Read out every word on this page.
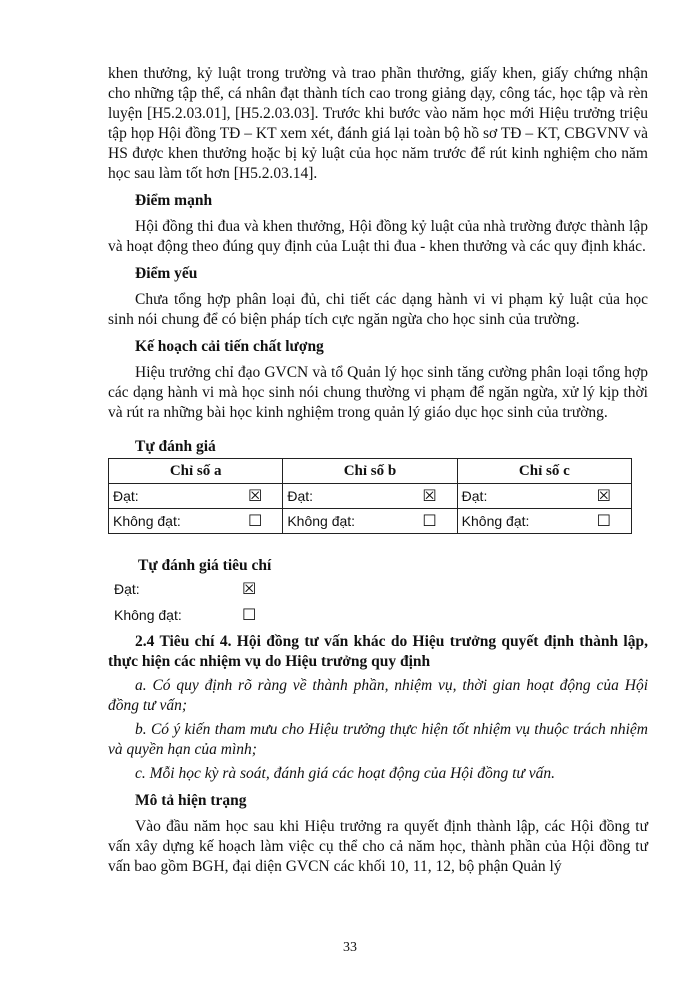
khen thưởng, kỷ luật trong trường và trao phần thưởng, giấy khen, giấy chứng nhận cho những tập thể, cá nhân đạt thành tích cao trong giảng dạy, công tác, học tập và rèn luyện [H5.2.03.01], [H5.2.03.03]. Trước khi bước vào năm học mới Hiệu trưởng triệu tập họp Hội đồng TĐ – KT xem xét, đánh giá lại toàn bộ hồ sơ TĐ – KT, CBGVNV và HS được khen thưởng hoặc bị kỷ luật của học năm trước để rút kinh nghiệm cho năm học sau làm tốt hơn [H5.2.03.14].

Điểm mạnh

Hội đồng thi đua và khen thưởng, Hội đồng kỷ luật của nhà trường được thành lập và hoạt động theo đúng quy định của Luật thi đua - khen thưởng và các quy định khác.

Điểm yếu

Chưa tổng hợp phân loại đủ, chi tiết các dạng hành vi vi phạm kỷ luật của học sinh nói chung để có biện pháp tích cực ngăn ngừa cho học sinh của trường.

Kế hoạch cải tiến chất lượng

Hiệu trưởng chỉ đạo GVCN và tổ Quản lý học sinh tăng cường phân loại tổng hợp các dạng hành vi mà học sinh nói chung thường vi phạm để ngăn ngừa, xử lý kịp thời và rút ra những bài học kinh nghiệm trong quản lý giáo dục học sinh của trường.

Tự đánh giá
Chỉ số a	Chỉ số b	Chỉ số c

Đạt: ☒	Đạt: ☒	Đạt: ☒

Không đạt: ☐	Không đạt: ☐	Không đạt: ☐
Tự đánh giá tiêu chí
Đạt:	☒
Không đạt:	☐

2.4 Tiêu chí 4. Hội đồng tư vấn khác do Hiệu trưởng quyết định thành lập, thực hiện các nhiệm vụ do Hiệu trưởng quy định

a. Có quy định rõ ràng về thành phần, nhiệm vụ, thời gian hoạt động của Hội đồng tư vấn;

b. Có ý kiến tham mưu cho Hiệu trưởng thực hiện tốt nhiệm vụ thuộc trách nhiệm và quyền hạn của mình;

c. Mỗi học kỳ rà soát, đánh giá các hoạt động của Hội đồng tư vấn.

Mô tả hiện trạng

Vào đầu năm học sau khi Hiệu trưởng ra quyết định thành lập, các Hội đồng tư vấn xây dựng kế hoạch làm việc cụ thể cho cả năm học, thành phần của Hội đồng tư vấn bao gồm BGH, đại diện GVCN các khối 10, 11, 12, bộ phận Quản lý

33
